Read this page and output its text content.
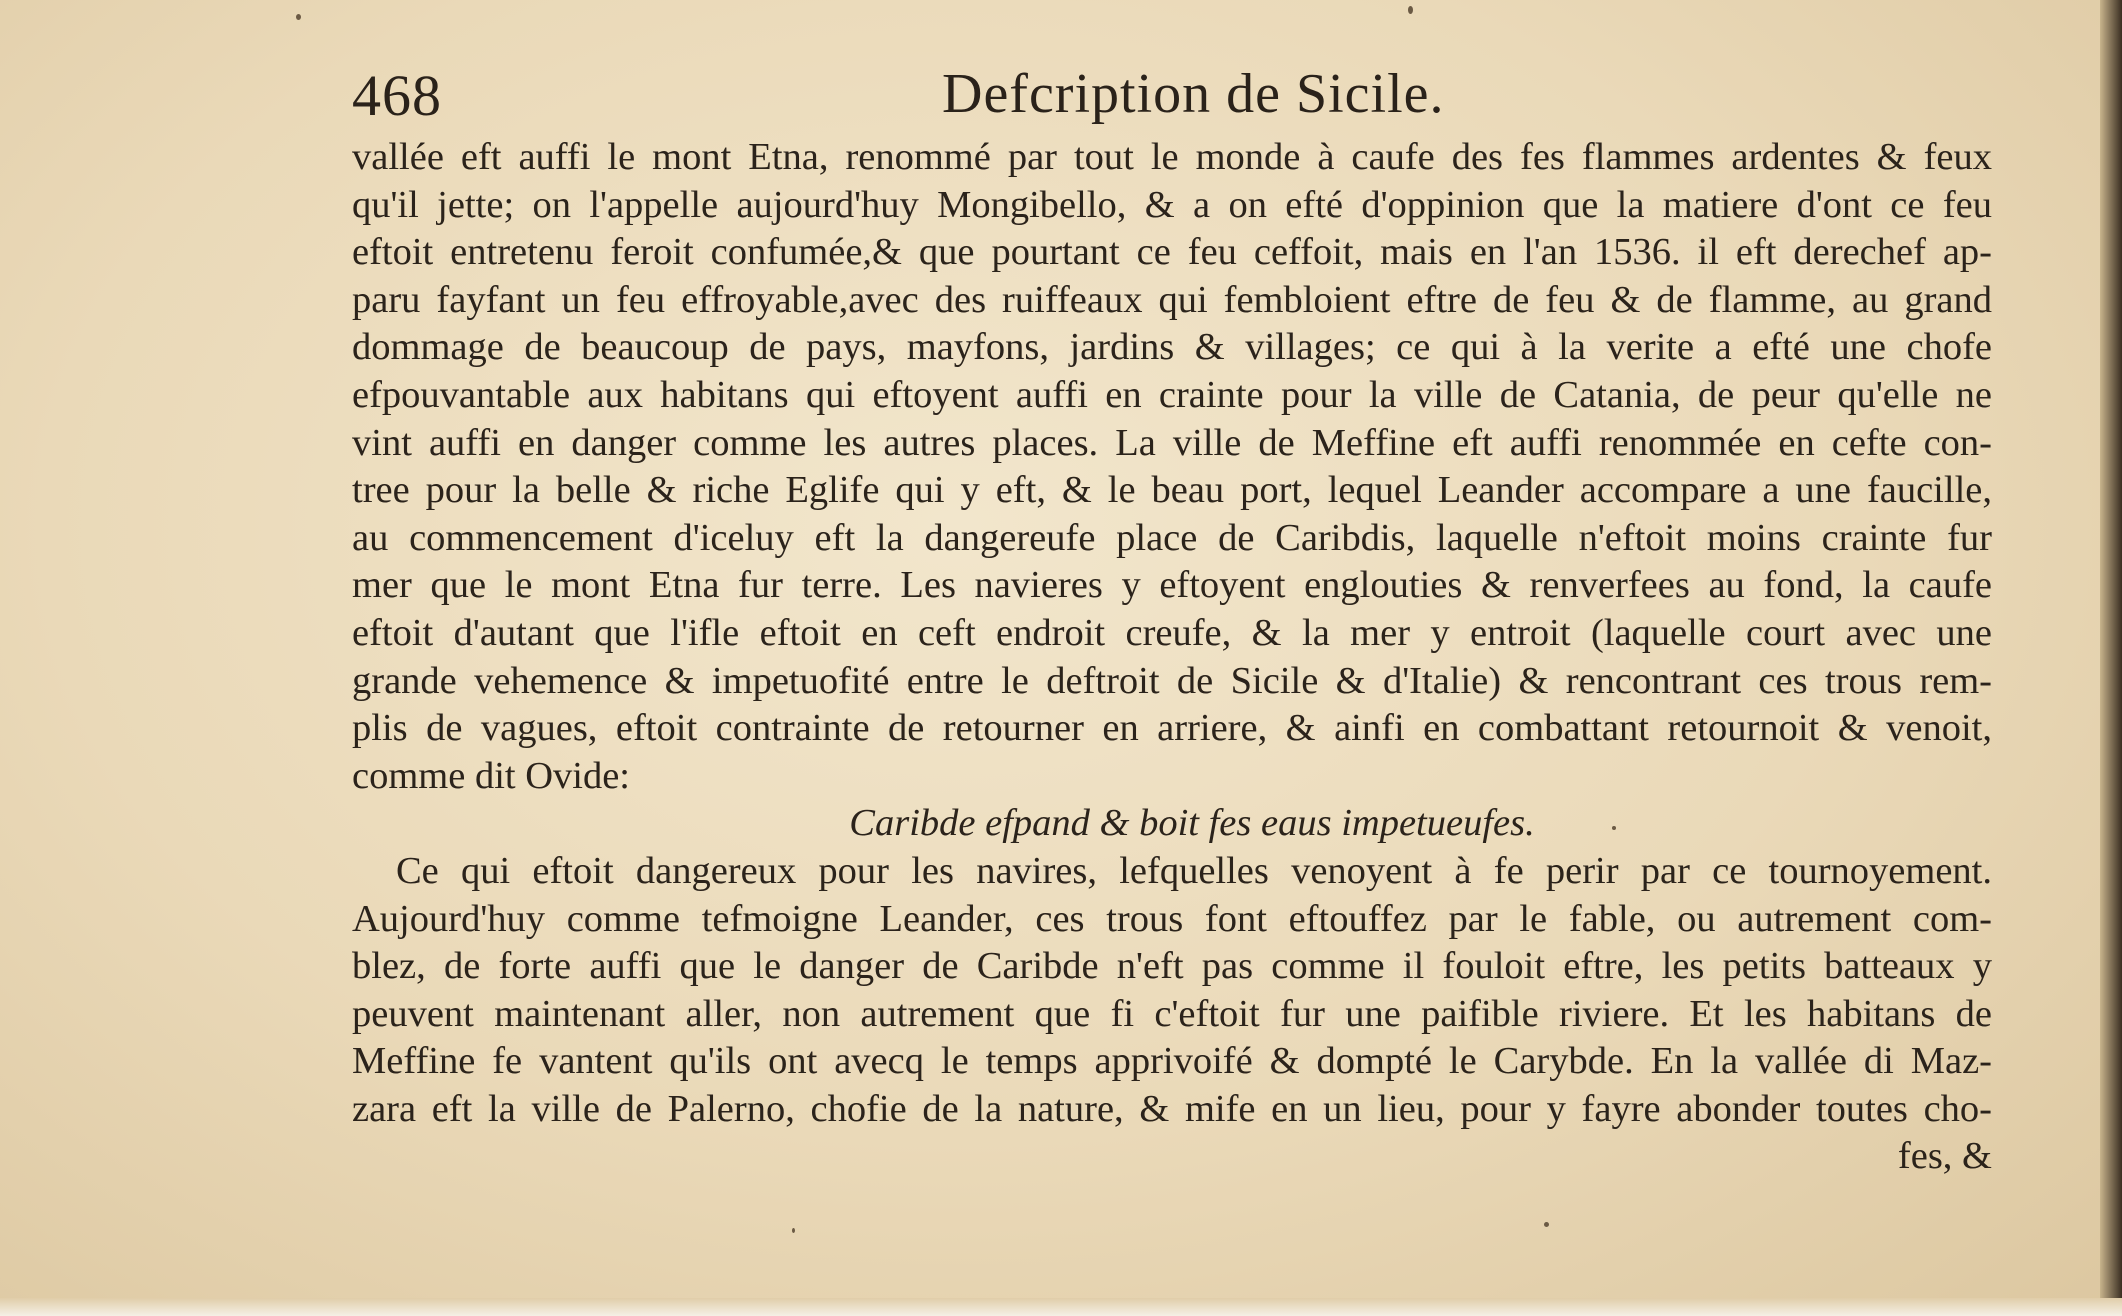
468	Defcription de Sicile.
vallée eft auffi le mont Etna, renommé par tout le monde à caufe des fes flammes ardentes & feux
qu'il jette; on l'appelle aujourd'huy Mongibello, & a on efté d'oppinion que la matiere d'ont ce feu
eftoit entretenu feroit confumée,& que pourtant ce feu ceffoit, mais en l'an 1536. il eft derechef ap-
paru fayfant un feu effroyable,avec des ruiffeaux qui fembloient eftre de feu & de flamme, au grand
dommage de beaucoup de pays, mayfons, jardins & villages; ce qui à la verite a efté une chofe
efpouvantable aux habitans qui eftoyent auffi en crainte pour la ville de Catania, de peur qu'elle ne
vint auffi en danger comme les autres places. La ville de Meffine eft auffi renommée en cefte con-
tree pour la belle & riche Eglife qui y eft, & le beau port, lequel Leander accompare a une faucille,
au commencement d'iceluy eft la dangereufe place de Caribdis, laquelle n'eftoit moins crainte fur
mer que le mont Etna fur terre. Les navieres y eftoyent englouties & renverfees au fond, la caufe
eftoit d'autant que l'ifle eftoit en ceft endroit creufe, & la mer y entroit (laquelle court avec une
grande vehemence & impetuofité entre le deftroit de Sicile & d'Italie) & rencontrant ces trous rem-
plis de vagues, eftoit contrainte de retourner en arriere, & ainfi en combattant retournoit & venoit,
comme dit Ovide:
Caribde efpand & boit fes eaus impetueufes.
Ce qui eftoit dangereux pour les navires, lefquelles venoyent à fe perir par ce tournoyement.
Aujourd'huy comme tefmoigne Leander, ces trous font eftouffez par le fable, ou autrement com-
blez, de forte auffi que le danger de Caribde n'eft pas comme il fouloit eftre, les petits batteaux y
peuvent maintenant aller, non autrement que fi c'eftoit fur une paifible riviere. Et les habitans de
Meffine fe vantent qu'ils ont avecq le temps apprivoifé & dompté le Carybde. En la vallée di Maz-
zara eft la ville de Palerno, chofie de la nature, & mife en un lieu, pour y fayre abonder toutes cho-
fes, &
